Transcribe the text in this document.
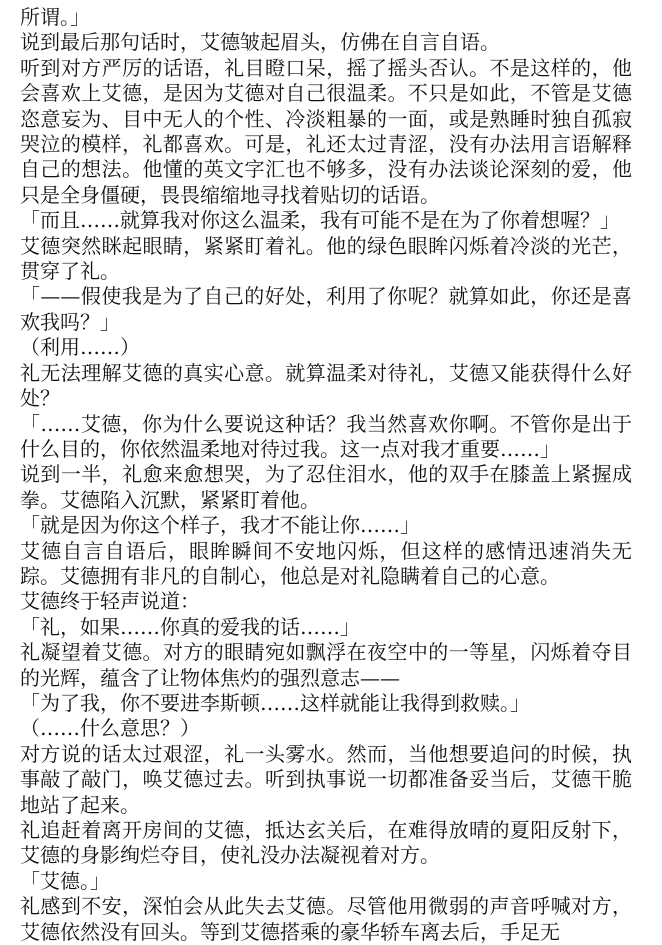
所谓。」

说到最后那句话时，艾德皱起眉头，仿佛在自言自语。

听到对方严厉的话语，礼目瞪口呆，摇了摇头否认。不是这样的，他会喜欢上艾德，是因为艾德对自己很温柔。不只是如此，不管是艾德恣意妄为、目中无人的个性、冷淡粗暴的一面，或是熟睡时独自孤寂哭泣的模样，礼都喜欢。可是，礼还太过青涩，没有办法用言语解释自己的想法。他懂的英文字汇也不够多，没有办法谈论深刻的爱，他只是全身僵硬，畏畏缩缩地寻找着贴切的话语。

「而且……就算我对你这么温柔，我有可能不是在为了你着想喔？」

艾德突然眯起眼睛，紧紧盯着礼。他的绿色眼眸闪烁着冷淡的光芒，贯穿了礼。

「——假使我是为了自己的好处，利用了你呢？就算如此，你还是喜欢我吗？」

（利用……）

礼无法理解艾德的真实心意。就算温柔对待礼，艾德又能获得什么好处？

「……艾德，你为什么要说这种话？我当然喜欢你啊。不管你是出于什么目的，你依然温柔地对待过我。这一点对我才重要……」

说到一半，礼愈来愈想哭，为了忍住泪水，他的双手在膝盖上紧握成拳。艾德陷入沉默，紧紧盯着他。

「就是因为你这个样子，我才不能让你……」

艾德自言自语后，眼眸瞬间不安地闪烁，但这样的感情迅速消失无踪。艾德拥有非凡的自制心，他总是对礼隐瞒着自己的心意。

艾德终于轻声说道：

「礼，如果……你真的爱我的话……」

礼凝望着艾德。对方的眼睛宛如飘浮在夜空中的一等星，闪烁着夺目的光辉，蕴含了让物体焦灼的强烈意志——

「为了我，你不要进李斯顿……这样就能让我得到救赎。」

（……什么意思？）

对方说的话太过艰涩，礼一头雾水。然而，当他想要追问的时候，执事敲了敲门，唤艾德过去。听到执事说一切都准备妥当后，艾德干脆地站了起来。

礼追赶着离开房间的艾德，抵达玄关后，在难得放晴的夏阳反射下，艾德的身影绚烂夺目，使礼没办法凝视着对方。

「艾德。」

礼感到不安，深怕会从此失去艾德。尽管他用微弱的声音呼喊对方，艾德依然没有回头。等到艾德搭乘的豪华轿车离去后，手足无
